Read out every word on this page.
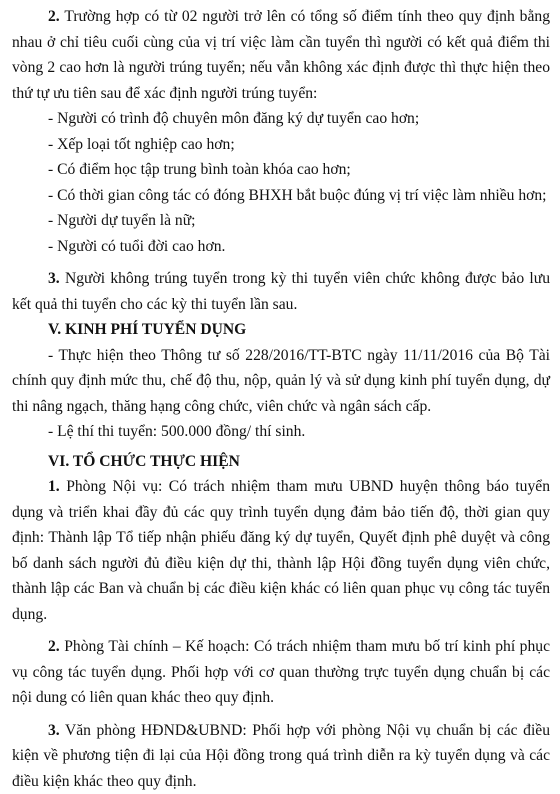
2. Trường hợp có từ 02 người trở lên có tổng số điểm tính theo quy định bằng nhau ở chỉ tiêu cuối cùng của vị trí việc làm cần tuyển thì người có kết quả điểm thi vòng 2 cao hơn là người trúng tuyển; nếu vẫn không xác định được thì thực hiện theo thứ tự ưu tiên sau để xác định người trúng tuyển:

- Người có trình độ chuyên môn đăng ký dự tuyển cao hơn;

- Xếp loại tốt nghiệp cao hơn;

- Có điểm học tập trung bình toàn khóa cao hơn;

- Có thời gian công tác có đóng BHXH bắt buộc đúng vị trí việc làm nhiều hơn;

- Người dự tuyển là nữ;

- Người có tuổi đời cao hơn.

3. Người không trúng tuyển trong kỳ thi tuyển viên chức không được bảo lưu kết quả thi tuyển cho các kỳ thi tuyển lần sau.

V. KINH PHÍ TUYỂN DỤNG

- Thực hiện theo Thông tư số 228/2016/TT-BTC ngày 11/11/2016 của Bộ Tài chính quy định mức thu, chế độ thu, nộp, quản lý và sử dụng kinh phí tuyển dụng, dự thi nâng ngạch, thăng hạng công chức, viên chức và ngân sách cấp.

- Lệ thí thi tuyển: 500.000 đồng/ thí sinh.

VI. TỔ CHỨC THỰC HIỆN

1. Phòng Nội vụ: Có trách nhiệm tham mưu UBND huyện thông báo tuyển dụng và triển khai đầy đủ các quy trình tuyển dụng đảm bảo tiến độ, thời gian quy định: Thành lập Tổ tiếp nhận phiếu đăng ký dự tuyển, Quyết định phê duyệt và công bố danh sách người đủ điều kiện dự thi, thành lập Hội đồng tuyển dụng viên chức, thành lập các Ban và chuẩn bị các điều kiện khác có liên quan phục vụ công tác tuyển dụng.

2. Phòng Tài chính – Kế hoạch: Có trách nhiệm tham mưu bố trí kinh phí phục vụ công tác tuyển dụng. Phối hợp với cơ quan thường trực tuyển dụng chuẩn bị các nội dung có liên quan khác theo quy định.

3. Văn phòng HĐND&UBND: Phối hợp với phòng Nội vụ chuẩn bị các điều kiện về phương tiện đi lại của Hội đồng trong quá trình diễn ra kỳ tuyển dụng và các điều kiện khác theo quy định.
